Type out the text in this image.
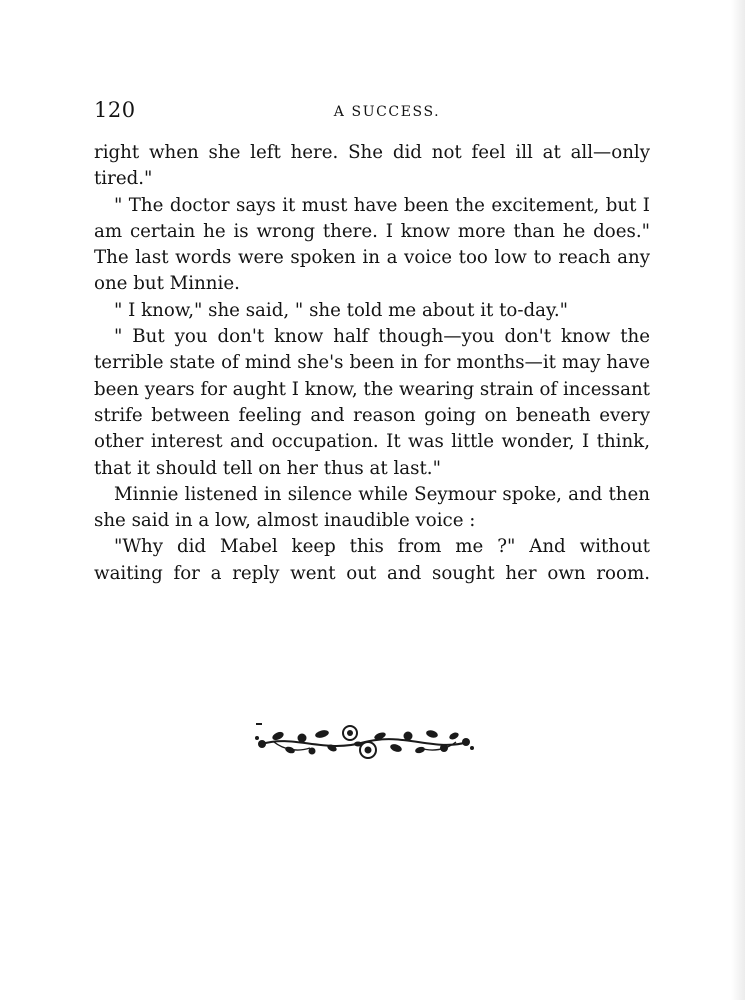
120	A SUCCESS.
right when she left here. She did not feel ill at all—only
tired."
" The doctor says it must have been the excitement, but I
am certain he is wrong there. I know more than he does."
The last words were spoken in a voice too low to reach any
one but Minnie.
" I know," she said, " she told me about it to-day."
" But you don't know half though—you don't know the
terrible state of mind she's been in for months—it may have
been years for aught I know, the wearing strain of incessant
strife between feeling and reason going on beneath every
other interest and occupation. It was little wonder, I think,
that it should tell on her thus at last."
Minnie listened in silence while Seymour spoke, and then
she said in a low, almost inaudible voice :
"Why did Mabel keep this from me ?" And without
waiting for a reply went out and sought her own room.
